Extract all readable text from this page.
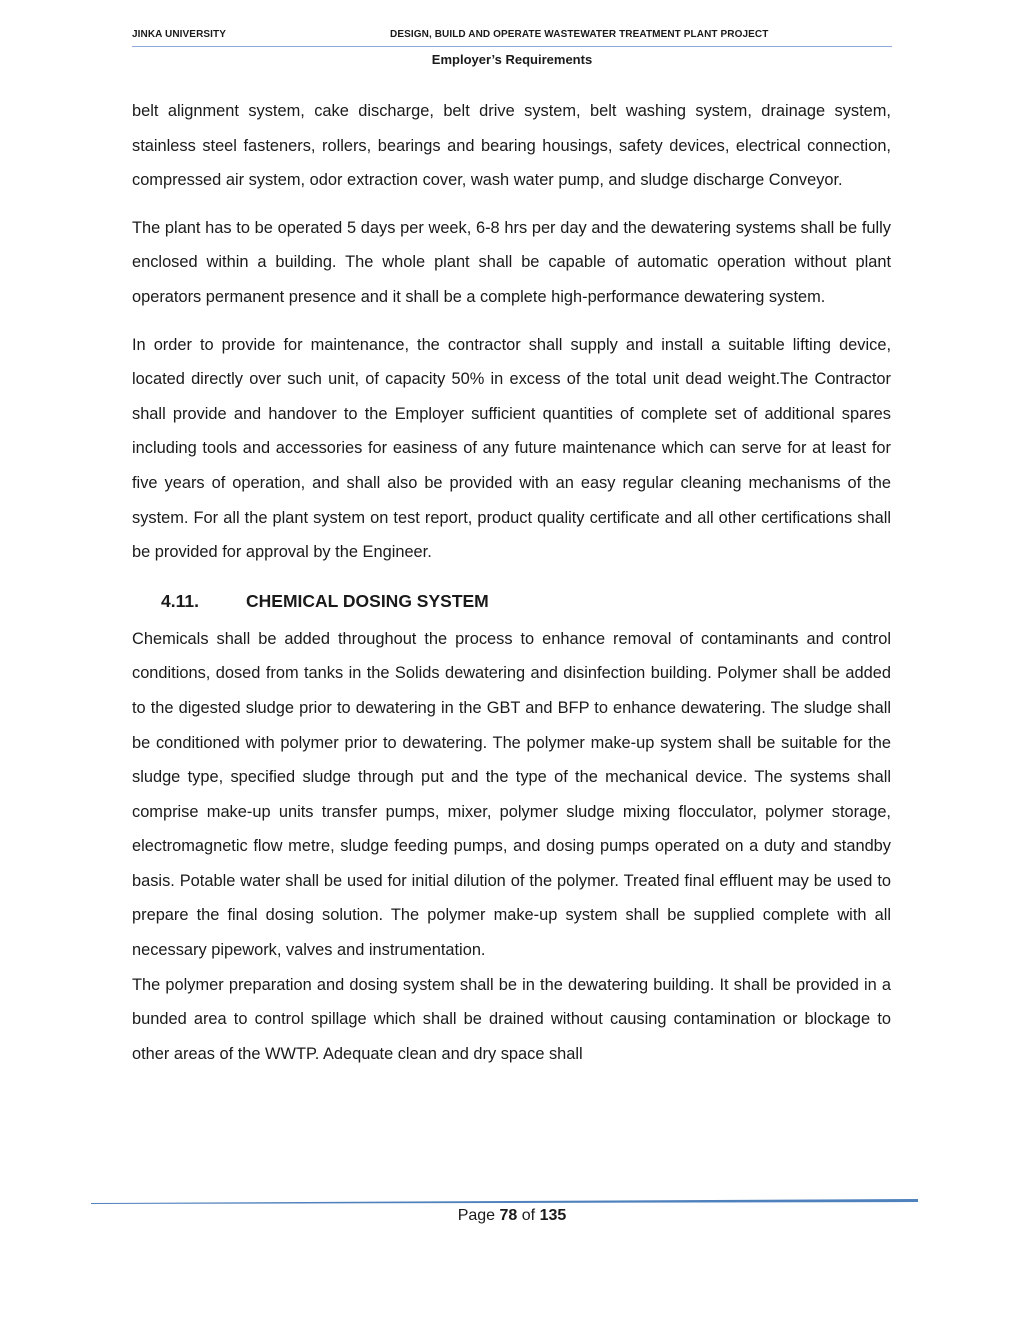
JINKA UNIVERSITY	DESIGN, BUILD AND OPERATE WASTEWATER TREATMENT PLANT PROJECT
Employer’s Requirements

belt alignment system, cake discharge, belt drive system, belt washing system, drainage system, stainless steel fasteners, rollers, bearings and bearing housings, safety devices, electrical connection, compressed air system, odor extraction cover, wash water pump, and sludge discharge Conveyor.

The plant has to be operated 5 days per week, 6-8 hrs per day and the dewatering systems shall be fully enclosed within a building. The whole plant shall be capable of automatic operation without plant operators permanent presence and it shall be a complete high-performance dewatering system.

In order to provide for maintenance, the contractor shall supply and install a suitable lifting device, located directly over such unit, of capacity 50% in excess of the total unit dead weight.The Contractor shall provide and handover to the Employer sufficient quantities of complete set of additional spares including tools and accessories for easiness of any future maintenance which can serve for at least for five years of operation, and shall also be provided with an easy regular cleaning mechanisms of the system. For all the plant system on test report, product quality certificate and all other certifications shall be provided for approval by the Engineer.

4.11.	CHEMICAL DOSING SYSTEM

Chemicals shall be added throughout the process to enhance removal of contaminants and control conditions, dosed from tanks in the Solids dewatering and disinfection building. Polymer shall be added to the digested sludge prior to dewatering in the GBT and BFP to enhance dewatering. The sludge shall be conditioned with polymer prior to dewatering. The polymer make-up system shall be suitable for the sludge type, specified sludge through put and the type of the mechanical device. The systems shall comprise make-up units transfer pumps, mixer, polymer sludge mixing flocculator, polymer storage, electromagnetic flow metre, sludge feeding pumps, and dosing pumps operated on a duty and standby basis. Potable water shall be used for initial dilution of the polymer. Treated final effluent may be used to prepare the final dosing solution. The polymer make-up system shall be supplied complete with all necessary pipework, valves and instrumentation.

The polymer preparation and dosing system shall be in the dewatering building. It shall be provided in a bunded area to control spillage which shall be drained without causing contamination or blockage to other areas of the WWTP. Adequate clean and dry space shall

Page 78 of 135
